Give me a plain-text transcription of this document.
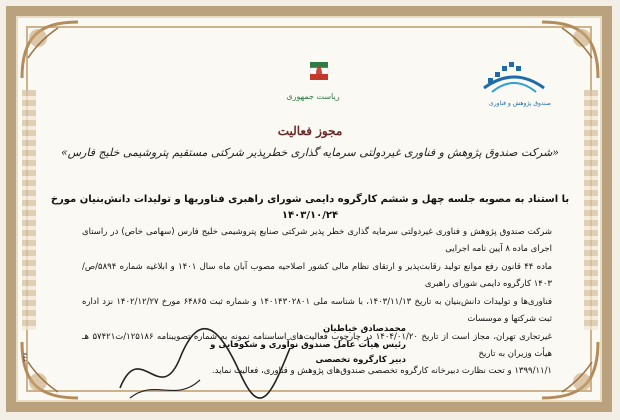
ریاست جمهوری
صندوق پژوهش و فناوری
مجوز فعالیت
«شرکت صندوق پژوهش و فناوری غیردولتی سرمایه گذاری خطرپذیر شرکتی مستقیم پتروشیمی خلیج فارس»
با استناد به مصوبه جلسه چهل و ششم کارگروه دایمی شورای راهبری فناوریها و تولیدات دانش‌بنیان مورخ ۱۴۰۳/۱۰/۲۴

شرکت صندوق پژوهش و فناوری غیردولتی سرمایه گذاری خطر پذیر شرکتی صنایع پتروشیمی خلیج فارس (سهامی خاص) در راستای اجرای ماده ۸ آیین نامه اجرایی

ماده ۴۴ قانون رفع موانع تولید رقابت‌پذیر و ارتقای نظام مالی کشور اصلاحیه مصوب آبان ماه سال ۱۴۰۱ و ابلاغیه شماره ۵۸۹۴/ص/۱۴۰۳ کارگروه دایمی شورای راهبری

فناوری‌ها و تولیدات دانش‌بنیان به تاریخ ۱۴۰۳/۱۱/۱۳، با شناسه ملی ۱۴۰۱۴۳۰۲۸۰۱ و شماره ثبت ۶۴۸۶۵ مورخ ۱۴۰۲/۱۲/۲۷ نزد اداره ثبت شرکتها و موسسات

غیرتجاری تهران، مجاز است از تاریخ ۱۴۰۴/۰۱/۲۰ در چارچوب فعالیت‌های اساسنامه نمونه به شماره تصویبنامه ۱۲۵۱۸۶/ت۵۷۴۲۱ هـ هیأت وزیران به تاریخ

۱۳۹۹/۱۱/۱ و تحت نظارت دبیرخانه کارگروه تخصصی صندوق‌های پژوهش و فناوری، فعالیت نماید.

محمدصادق خیاطیان
رئیس هیأت عامل صندوق نوآوری و شکوفایی و
دبیر کارگروه تخصصی
۲۴۸
